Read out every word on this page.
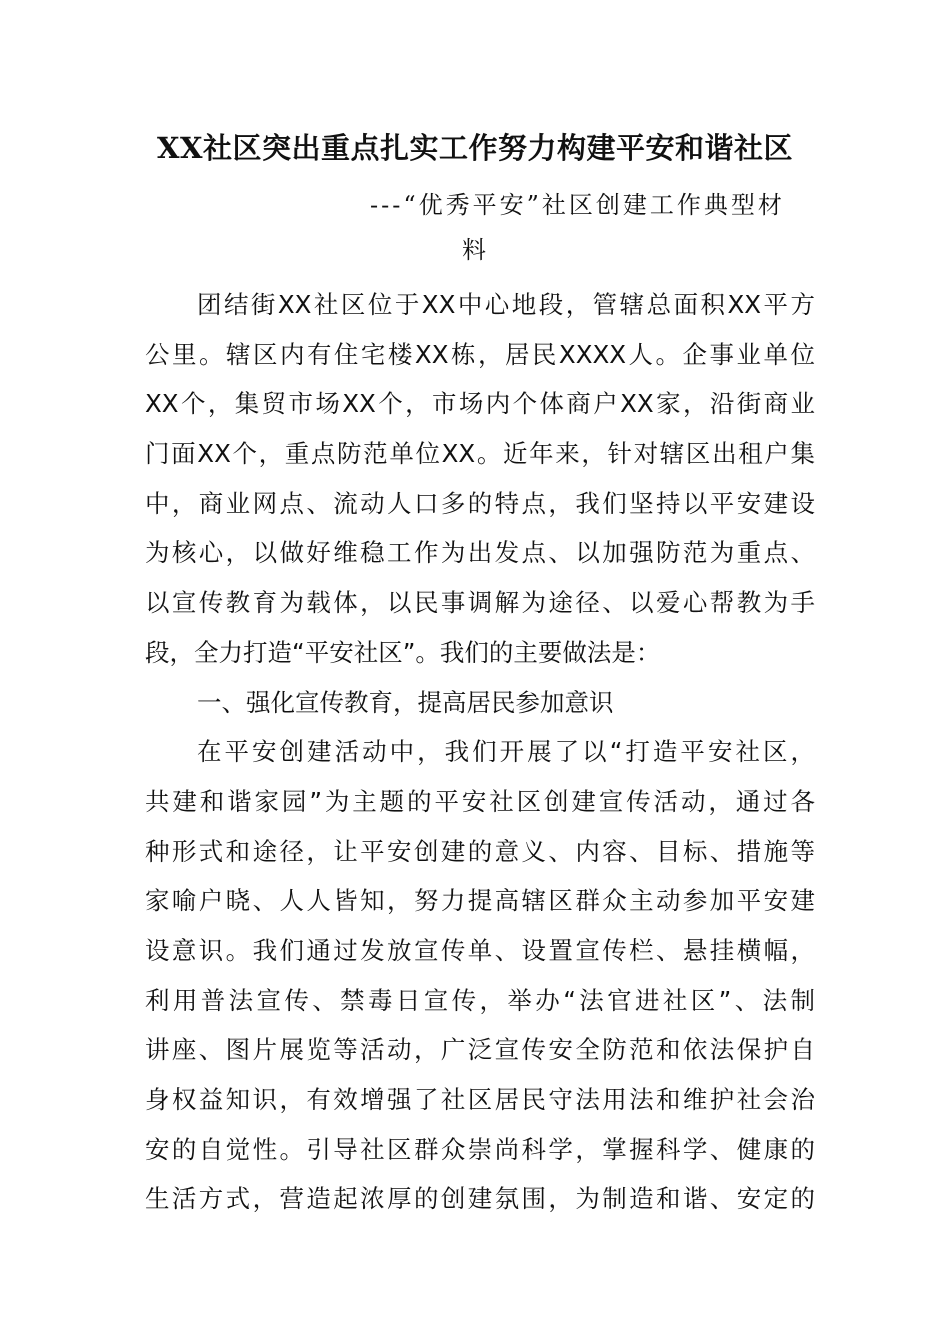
XX社区突出重点扎实工作努力构建平安和谐社区
---“优秀平安”社区创建工作典型材
料
团结街XX社区位于XX中心地段，管辖总面积XX平方
公里。辖区内有住宅楼XX栋，居民XXXX人。企事业单位
XX个，集贸市场XX个，市场内个体商户XX家，沿街商业
门面XX个，重点防范单位XX。近年来，针对辖区出租户集
中，商业网点、流动人口多的特点，我们坚持以平安建设
为核心，以做好维稳工作为出发点、以加强防范为重点、
以宣传教育为载体，以民事调解为途径、以爱心帮教为手
段，全力打造“平安社区”。我们的主要做法是：
一、强化宣传教育，提高居民参加意识
在平安创建活动中，我们开展了以“打造平安社区，
共建和谐家园”为主题的平安社区创建宣传活动，通过各
种形式和途径，让平安创建的意义、内容、目标、措施等
家喻户晓、人人皆知，努力提高辖区群众主动参加平安建
设意识。我们通过发放宣传单、设置宣传栏、悬挂横幅，
利用普法宣传、禁毒日宣传，举办“法官进社区”、法制
讲座、图片展览等活动，广泛宣传安全防范和依法保护自
身权益知识，有效增强了社区居民守法用法和维护社会治
安的自觉性。引导社区群众崇尚科学，掌握科学、健康的
生活方式，营造起浓厚的创建氛围，为制造和谐、安定的
